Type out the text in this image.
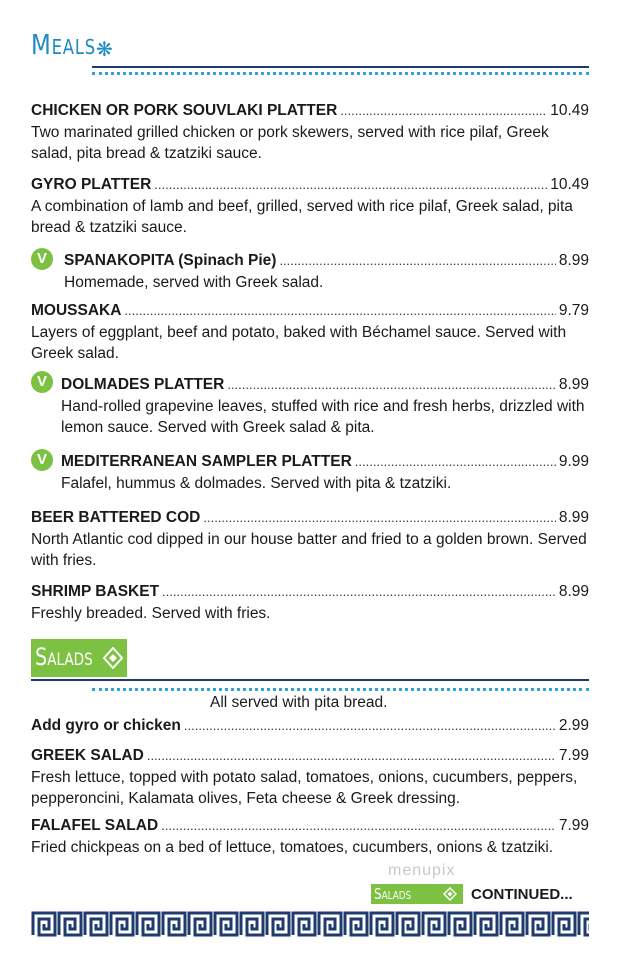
Meals ❋
CHICKEN OR PORK SOUVLAKI PLATTER .....	10.49
Two marinated grilled chicken or pork skewers, served with rice pilaf, Greek salad, pita bread & tzatziki sauce.
GYRO PLATTER .....	10.49
A combination of lamb and beef, grilled, served with rice pilaf, Greek salad, pita bread & tzatziki sauce.
V	SPANAKOPITA (Spinach Pie) .....	8.99
Homemade, served with Greek salad.
MOUSSAKA .....	9.79
Layers of eggplant, beef and potato, baked with Béchamel sauce. Served with Greek salad.
V DOLMADES PLATTER .....	8.99
Hand-rolled grapevine leaves, stuffed with rice and fresh herbs, drizzled with lemon sauce. Served with Greek salad & pita.
V MEDITERRANEAN SAMPLER PLATTER .....	9.99
Falafel, hummus & dolmades. Served with pita & tzatziki.
BEER BATTERED COD .....	8.99
North Atlantic cod dipped in our house batter and fried to a golden brown. Served with fries.
SHRIMP BASKET .....	8.99
Freshly breaded. Served with fries.
Salads
All served with pita bread.
Add gyro or chicken .....	2.99
GREEK SALAD .....	7.99
Fresh lettuce, topped with potato salad, tomatoes, onions, cucumbers, peppers, pepperoncini, Kalamata olives, Feta cheese & Greek dressing.
FALAFEL SALAD .....	7.99
Fried chickpeas on a bed of lettuce, tomatoes, cucumbers, onions & tzatziki.
menupix
Salads	CONTINUED...
